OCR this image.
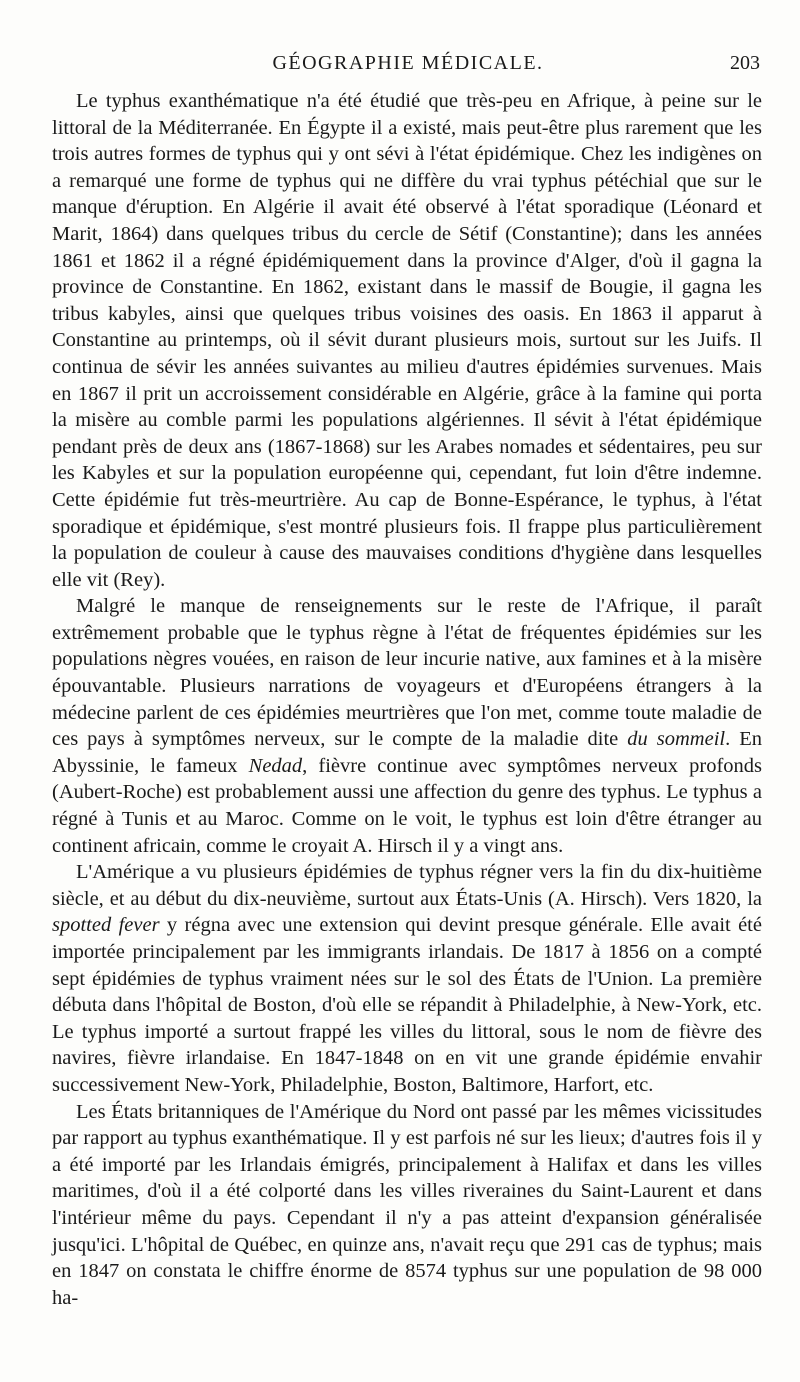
GÉOGRAPHIE MÉDICALE.	203

Le typhus exanthématique n'a été étudié que très-peu en Afrique, à peine sur le littoral de la Méditerranée. En Égypte il a existé, mais peut-être plus rarement que les trois autres formes de typhus qui y ont sévi à l'état épidémique. Chez les indigènes on a remarqué une forme de typhus qui ne diffère du vrai typhus pétéchial que sur le manque d'éruption. En Algérie il avait été observé à l'état sporadique (Léonard et Marit, 1864) dans quelques tribus du cercle de Sétif (Constantine); dans les années 1861 et 1862 il a régné épidémiquement dans la province d'Alger, d'où il gagna la province de Constantine. En 1862, existant dans le massif de Bougie, il gagna les tribus kabyles, ainsi que quelques tribus voisines des oasis. En 1863 il apparut à Constantine au printemps, où il sévit durant plusieurs mois, surtout sur les Juifs. Il continua de sévir les années suivantes au milieu d'autres épidémies survenues. Mais en 1867 il prit un accroissement considérable en Algérie, grâce à la famine qui porta la misère au comble parmi les populations algériennes. Il sévit à l'état épidémique pendant près de deux ans (1867-1868) sur les Arabes nomades et sédentaires, peu sur les Kabyles et sur la population européenne qui, cependant, fut loin d'être indemne. Cette épidémie fut très-meurtrière. Au cap de Bonne-Espérance, le typhus, à l'état sporadique et épidémique, s'est montré plusieurs fois. Il frappe plus particulièrement la population de couleur à cause des mauvaises conditions d'hygiène dans lesquelles elle vit (Rey).

Malgré le manque de renseignements sur le reste de l'Afrique, il paraît extrêmement probable que le typhus règne à l'état de fréquentes épidémies sur les populations nègres vouées, en raison de leur incurie native, aux famines et à la misère épouvantable. Plusieurs narrations de voyageurs et d'Européens étrangers à la médecine parlent de ces épidémies meurtrières que l'on met, comme toute maladie de ces pays à symptômes nerveux, sur le compte de la maladie dite du sommeil. En Abyssinie, le fameux Nedad, fièvre continue avec symptômes nerveux profonds (Aubert-Roche) est probablement aussi une affection du genre des typhus. Le typhus a régné à Tunis et au Maroc. Comme on le voit, le typhus est loin d'être étranger au continent africain, comme le croyait A. Hirsch il y a vingt ans.

L'Amérique a vu plusieurs épidémies de typhus régner vers la fin du dix-huitième siècle, et au début du dix-neuvième, surtout aux États-Unis (A. Hirsch). Vers 1820, la spotted fever y régna avec une extension qui devint presque générale. Elle avait été importée principalement par les immigrants irlandais. De 1817 à 1856 on a compté sept épidémies de typhus vraiment nées sur le sol des États de l'Union. La première débuta dans l'hôpital de Boston, d'où elle se répandit à Philadelphie, à New-York, etc. Le typhus importé a surtout frappé les villes du littoral, sous le nom de fièvre des navires, fièvre irlandaise. En 1847-1848 on en vit une grande épidémie envahir successivement New-York, Philadelphie, Boston, Baltimore, Harfort, etc.

Les États britanniques de l'Amérique du Nord ont passé par les mêmes vicissitudes par rapport au typhus exanthématique. Il y est parfois né sur les lieux; d'autres fois il y a été importé par les Irlandais émigrés, principalement à Halifax et dans les villes maritimes, d'où il a été colporté dans les villes riveraines du Saint-Laurent et dans l'intérieur même du pays. Cependant il n'y a pas atteint d'expansion généralisée jusqu'ici. L'hôpital de Québec, en quinze ans, n'avait reçu que 291 cas de typhus; mais en 1847 on constata le chiffre énorme de 8574 typhus sur une population de 98 000 ha-
